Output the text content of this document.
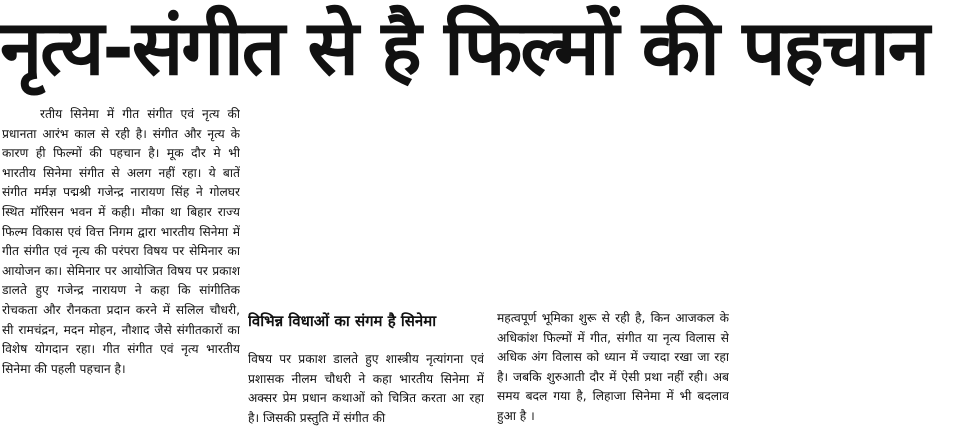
नृत्य-संगीत से है फिल्मों की पहचान

रतीय सिनेमा में गीत संगीत एवं नृत्य की प्रधानता आरंभ काल से रही है। संगीत और नृत्य के कारण ही फिल्मों की पहचान है। मूक दौर मे भी भारतीय सिनेमा संगीत से अलग नहीं रहा। ये बातें संगीत मर्मज्ञ पद्मश्री गजेन्द्र नारायण सिंह ने गोलघर स्थित मॉरिसन भवन में कही। मौका था बिहार राज्य फिल्म विकास एवं वित्त निगम द्वारा भारतीय सिनेमा में गीत संगीत एवं नृत्य की परंपरा विषय पर सेमिनार का आयोजन का। सेमिनार पर आयोजित विषय पर प्रकाश डालते हुए गजेन्द्र नारायण ने कहा कि सांगीतिक रोचकता और रौनकता प्रदान करने में सलिल चौधरी, सी रामचंद्रन, मदन मोहन, नौशाद जैसे संगीतकारों का विशेष योगदान रहा। गीत संगीत एवं नृत्य भारतीय सिनेमा की पहली पहचान है।

विभिन्न विधाओं का संगम है सिनेमा

विषय पर प्रकाश डालते हुए शास्त्रीय नृत्यांगना एवं प्रशासक नीलम चौधरी ने कहा भारतीय सिनेमा में अक्सर प्रेम प्रधान कथाओं को चित्रित करता आ रहा है। जिसकी प्रस्तुति में संगीत की

महत्वपूर्ण भूमिका शुरू से रही है, किन आजकल के अधिकांश फिल्मों में गीत, संगीत या नृत्य विलास से अधिक अंग विलास को ध्यान में ज्यादा रखा जा रहा है। जबकि शुरुआती दौर में ऐसी प्रथा नहीं रही। अब समय बदल गया है, लिहाजा सिनेमा में भी बदलाव हुआ है ।
